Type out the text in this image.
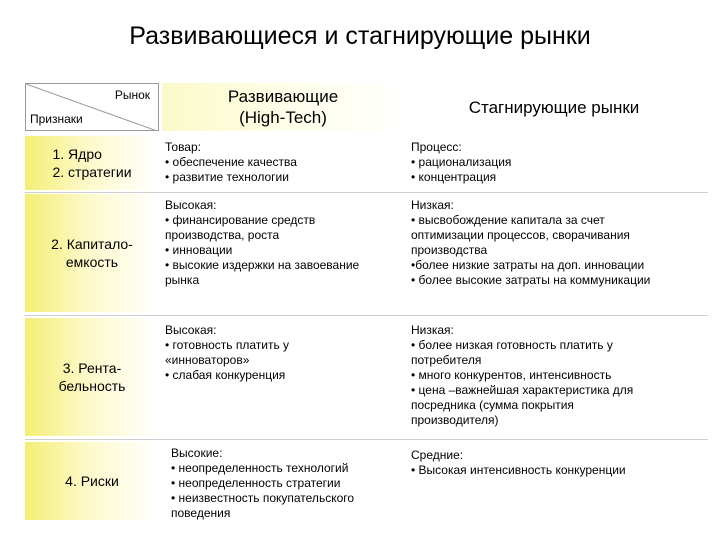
Развивающиеся и стагнирующие рынки
Рынок
Признаки
Развивающие
(High-Tech)
Стагнирующие рынки
1. Ядро
2. стратегии
Товар:
• обеспечение качества
• развитие технологии
Процесс:
• рационализация
• концентрация
2. Капитало-
емкость
Высокая:
• финансирование средств
производства, роста
• инновации
• высокие издержки на завоевание
рынка
Низкая:
• высвобождение капитала за счет
оптимизации процессов, сворачивания
производства
•более низкие затраты на доп. инновации
• более высокие затраты на коммуникации
3. Рента-
бельность
Высокая:
• готовность платить у
«инноваторов»
• слабая конкуренция
Низкая:
• более низкая готовность платить у
потребителя
• много конкурентов, интенсивность
• цена –важнейшая характеристика для
посредника (сумма покрытия
производителя)
4. Риски
Высокие:
• неопределенность технологий
• неопределенность стратегии
• неизвестность покупательского
поведения
Средние:
• Высокая интенсивность конкуренции
